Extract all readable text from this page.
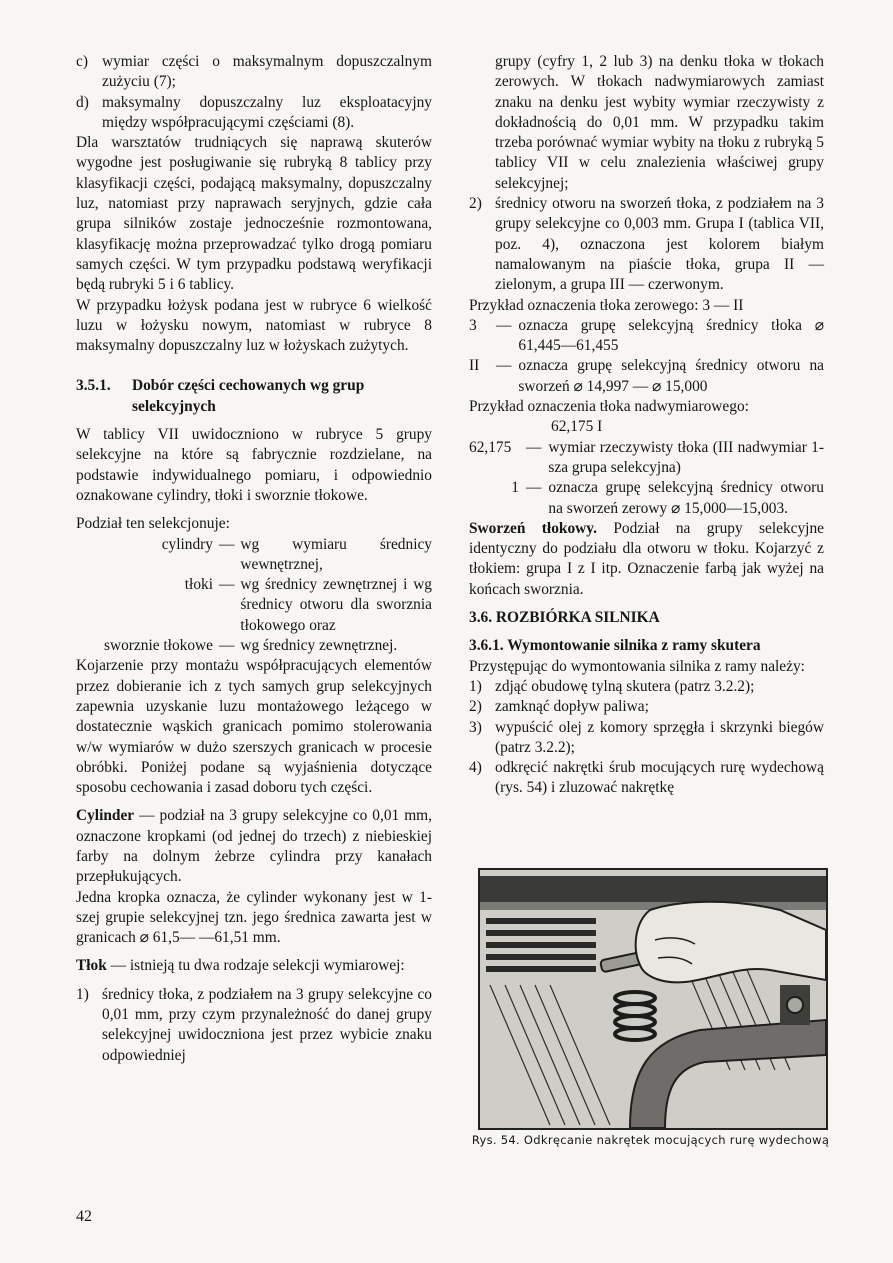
c) wymiar części o maksymalnym dopuszczalnym zużyciu (7);

d) maksymalny dopuszczalny luz eksploatacyjny między współpracującymi częściami (8).

Dla warsztatów trudniących się naprawą skuterów wygodne jest posługiwanie się rubryką 8 tablicy przy klasyfikacji części, podającą maksymalny, dopuszczalny luz, natomiast przy naprawach seryjnych, gdzie cała grupa silników zostaje jednocześnie rozmontowana, klasyfikację można przeprowadzać tylko drogą pomiaru samych części. W tym przypadku podstawą weryfikacji będą rubryki 5 i 6 tablicy.

W przypadku łożysk podana jest w rubryce 6 wielkość luzu w łożysku nowym, natomiast w rubryce 8 maksymalny dopuszczalny luz w łożyskach zużytych.

3.5.1.	Dobór części cechowanych wg grup selekcyjnych

W tablicy VII uwidoczniono w rubryce 5 grupy selekcyjne na które są fabrycznie rozdzielane, na podstawie indywidualnego pomiaru, i odpowiednio oznakowane cylindry, tłoki i sworznie tłokowe.

Podział ten selekcjonuje:

cylindry — wg wymiaru średnicy wewnętrznej,
tłoki — wg średnicy zewnętrznej i wg średnicy otworu dla sworznia tłokowego oraz
sworznie tłokowe — wg średnicy zewnętrznej.

Kojarzenie przy montażu współpracujących elementów przez dobieranie ich z tych samych grup selekcyjnych zapewnia uzyskanie luzu montażowego leżącego w dostatecznie wąskich granicach pomimo stolerowania w/w wymiarów w dużo szerszych granicach w procesie obróbki. Poniżej podane są wyjaśnienia dotyczące sposobu cechowania i zasad doboru tych części.

Cylinder — podział na 3 grupy selekcyjne co 0,01 mm, oznaczone kropkami (od jednej do trzech) z niebieskiej farby na dolnym żebrze cylindra przy kanałach przepłukujących.

Jedna kropka oznacza, że cylinder wykonany jest w 1-szej grupie selekcyjnej tzn. jego średnica zawarta jest w granicach ⌀ 61,5— —61,51 mm.

Tłok — istnieją tu dwa rodzaje selekcji wymiarowej:

1) średnicy tłoka, z podziałem na 3 grupy selekcyjne co 0,01 mm, przy czym przynależność do danej grupy selekcyjnej uwidoczniona jest przez wybicie znaku odpowiedniej

grupy (cyfry 1, 2 lub 3) na denku tłoka w tłokach zerowych. W tłokach nadwymiarowych zamiast znaku na denku jest wybity wymiar rzeczywisty z dokładnością do 0,01 mm. W przypadku takim trzeba porównać wymiar wybity na tłoku z rubryką 5 tablicy VII w celu znalezienia właściwej grupy selekcyjnej;

2) średnicy otworu na sworzeń tłoka, z podziałem na 3 grupy selekcyjne co 0,003 mm. Grupa I (tablica VII, poz. 4), oznaczona jest kolorem białym namalowanym na piaście tłoka, grupa II — zielonym, a grupa III — czerwonym.

Przykład oznaczenia tłoka zerowego: 3 — II

3	— oznacza grupę selekcyjną średnicy tłoka ⌀ 61,445—61,455
II	— oznacza grupę selekcyjną średnicy otworu na sworzeń ⌀ 14,997 — ⌀ 15,000

Przykład oznaczenia tłoka nadwymiarowego:

62,175 I

62,175 — wymiar rzeczywisty tłoka (III nadwymiar 1-sza grupa selekcyjna)
1 — oznacza grupę selekcyjną średnicy otworu na sworzeń zerowy ⌀ 15,000—15,003.

Sworzeń tłokowy. Podział na grupy selekcyjne identyczny do podziału dla otworu w tłoku. Kojarzyć z tłokiem: grupa I z I itp. Oznaczenie farbą jak wyżej na końcach sworznia.

3.6. ROZBIÓRKA SILNIKA

3.6.1. Wymontowanie silnika z ramy skutera

Przystępując do wymontowania silnika z ramy należy:

1) zdjąć obudowę tylną skutera (patrz 3.2.2);

2) zamknąć dopływ paliwa;

3) wypuścić olej z komory sprzęgła i skrzynki biegów (patrz 3.2.2);

4) odkręcić nakrętki śrub mocujących rurę wydechową (rys. 54) i zluzować nakrętkę

Rys. 54. Odkręcanie nakrętek mocujących rurę wydechową
42
